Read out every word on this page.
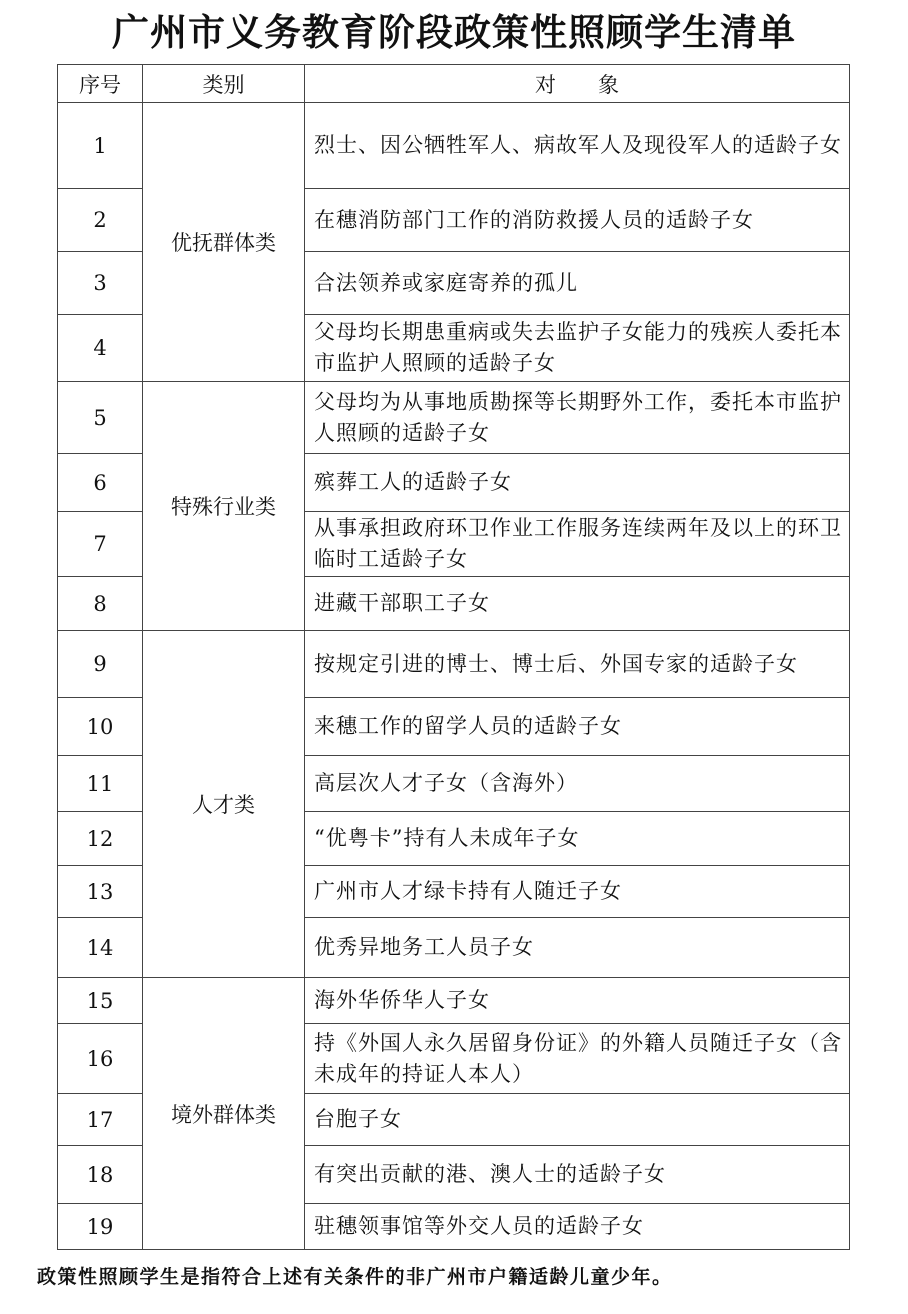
广州市义务教育阶段政策性照顾学生清单
序号	类别	对　　象
1	优抚群体类	烈士、因公牺牲军人、病故军人及现役军人的适龄子女
2		在穗消防部门工作的消防救援人员的适龄子女
3		合法领养或家庭寄养的孤儿
4		父母均长期患重病或失去监护子女能力的残疾人委托本市监护人照顾的适龄子女
5	特殊行业类	父母均为从事地质勘探等长期野外工作，委托本市监护人照顾的适龄子女
6		殡葬工人的适龄子女
7		从事承担政府环卫作业工作服务连续两年及以上的环卫临时工适龄子女
8		进藏干部职工子女
9	人才类	按规定引进的博士、博士后、外国专家的适龄子女
10		来穗工作的留学人员的适龄子女
11		高层次人才子女（含海外）
12		“优粤卡”持有人未成年子女
13		广州市人才绿卡持有人随迁子女
14		优秀异地务工人员子女
15	境外群体类	海外华侨华人子女
16		持《外国人永久居留身份证》的外籍人员随迁子女（含未成年的持证人本人）
17		台胞子女
18		有突出贡献的港、澳人士的适龄子女
19		驻穗领事馆等外交人员的适龄子女
政策性照顾学生是指符合上述有关条件的非广州市户籍适龄儿童少年。
